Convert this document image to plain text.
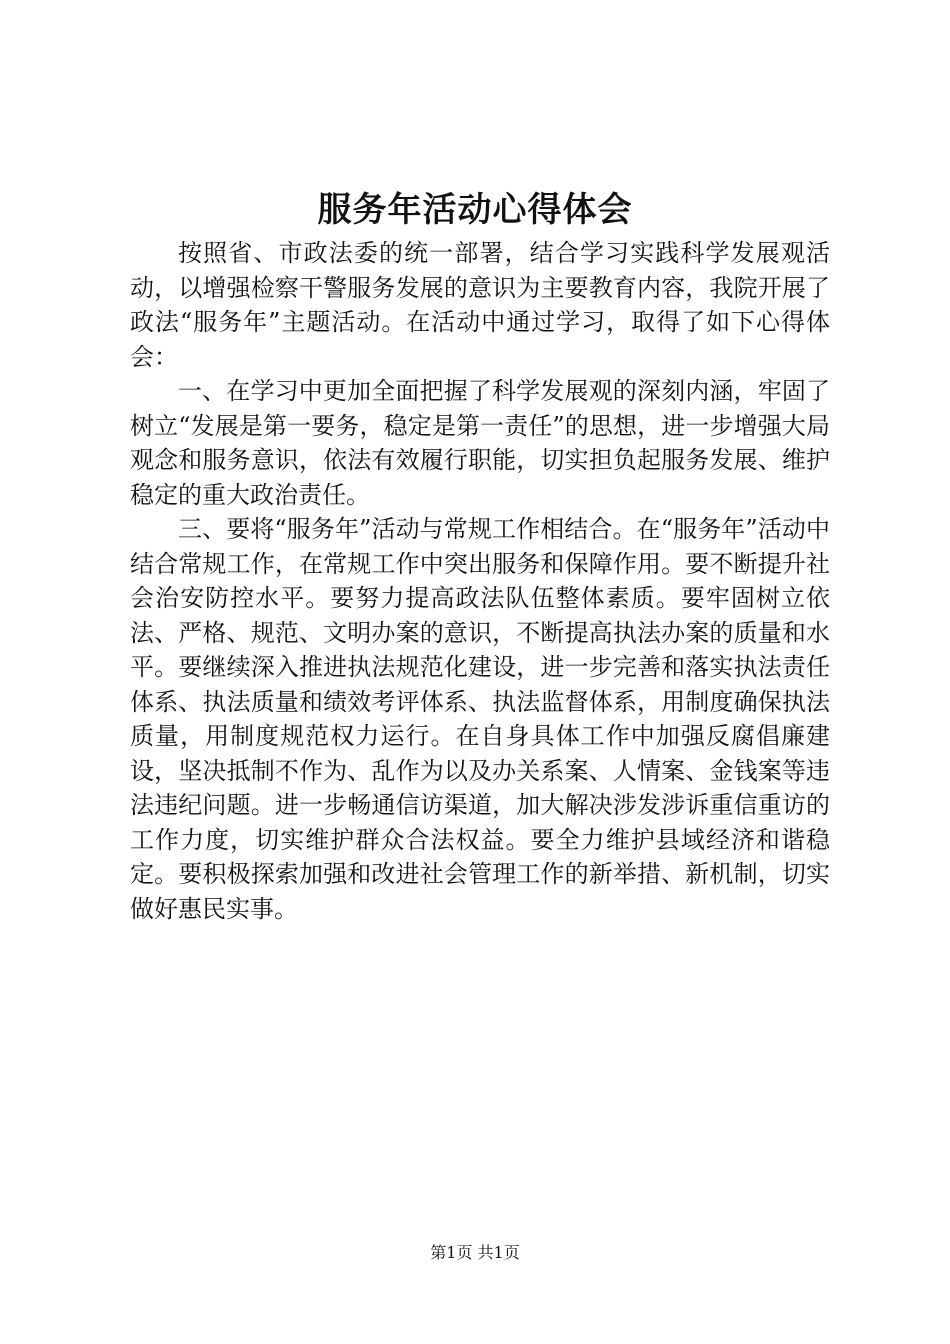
服务年活动心得体会

按照省、市政法委的统一部署，结合学习实践科学发展观活动，以增强检察干警服务发展的意识为主要教育内容，我院开展了政法“服务年”主题活动。在活动中通过学习，取得了如下心得体会：

一、在学习中更加全面把握了科学发展观的深刻内涵，牢固了树立“发展是第一要务，稳定是第一责任”的思想，进一步增强大局观念和服务意识，依法有效履行职能，切实担负起服务发展、维护稳定的重大政治责任。

三、要将“服务年”活动与常规工作相结合。在“服务年”活动中结合常规工作，在常规工作中突出服务和保障作用。要不断提升社会治安防控水平。要努力提高政法队伍整体素质。要牢固树立依法、严格、规范、文明办案的意识，不断提高执法办案的质量和水平。要继续深入推进执法规范化建设，进一步完善和落实执法责任体系、执法质量和绩效考评体系、执法监督体系，用制度确保执法质量，用制度规范权力运行。在自身具体工作中加强反腐倡廉建设，坚决抵制不作为、乱作为以及办关系案、人情案、金钱案等违法违纪问题。进一步畅通信访渠道，加大解决涉发涉诉重信重访的工作力度，切实维护群众合法权益。要全力维护县域经济和谐稳定。要积极探索加强和改进社会管理工作的新举措、新机制，切实做好惠民实事。

第1页 共1页
